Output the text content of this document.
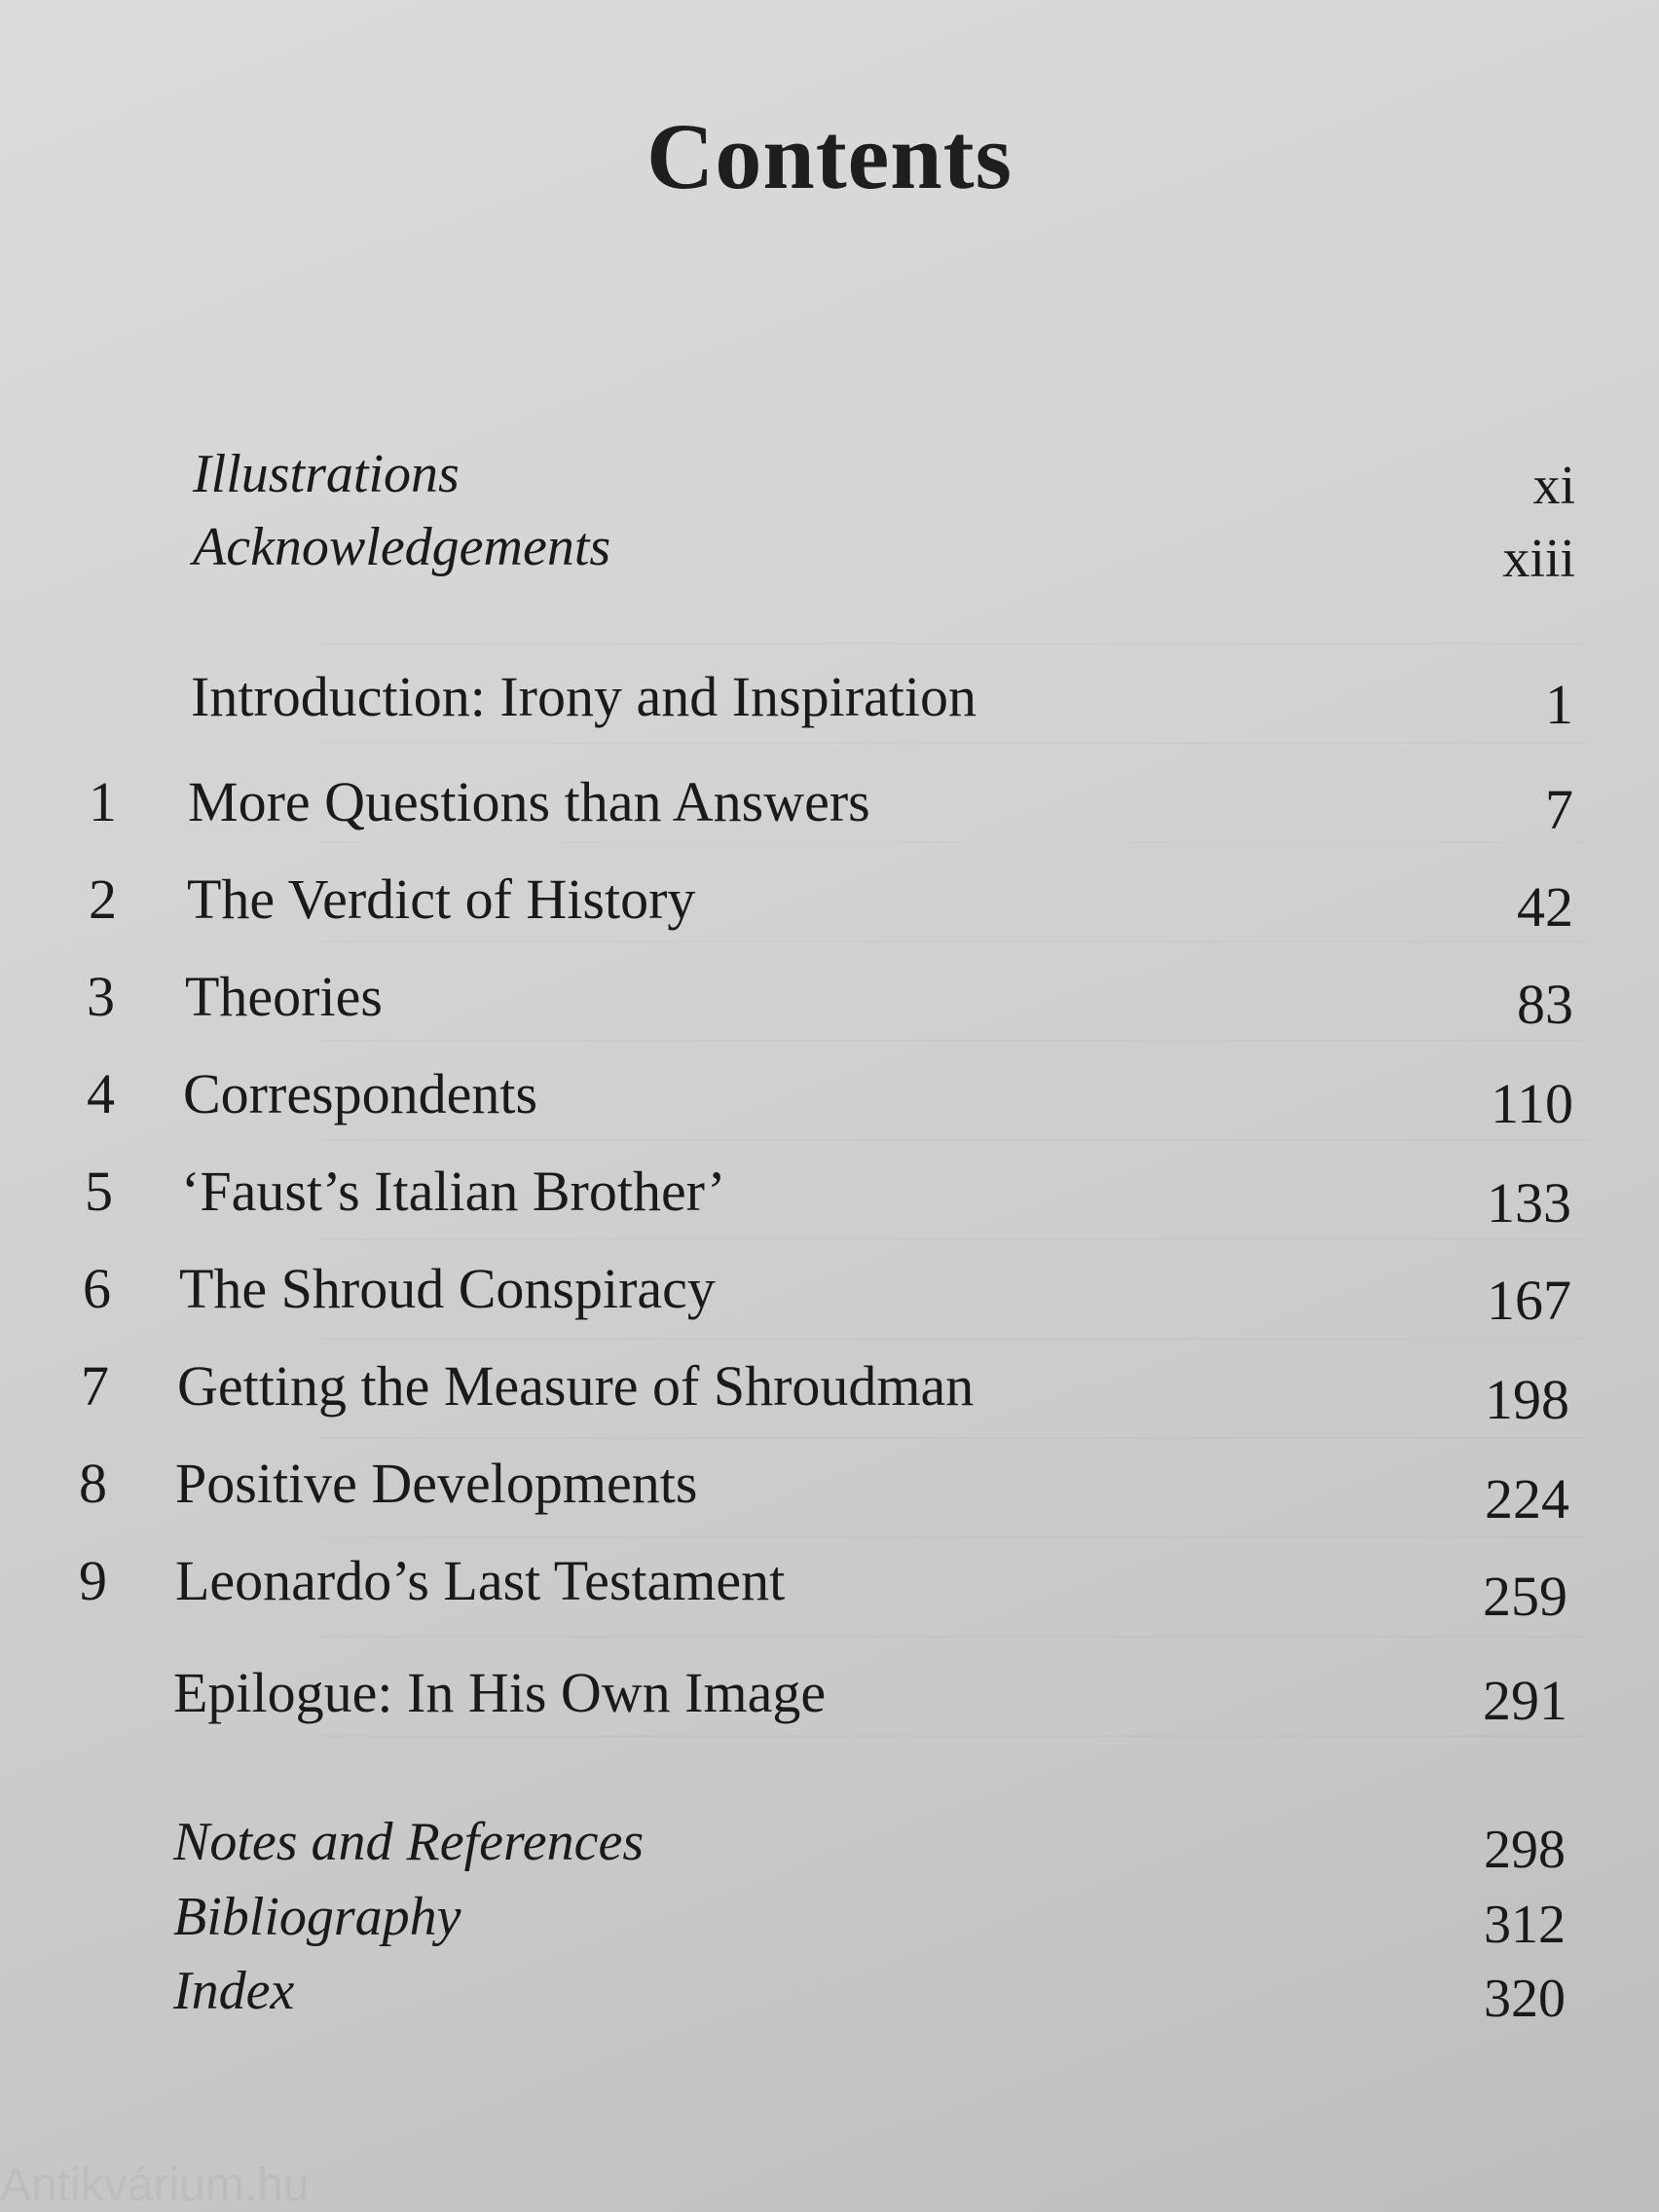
Contents
Illustrations	xi
Acknowledgements	xiii
Introduction: Irony and Inspiration	1
1 More Questions than Answers	7
2 The Verdict of History	42
3 Theories	83
4 Correspondents	110
5 ‘Faust’s Italian Brother’	133
6 The Shroud Conspiracy	167
7 Getting the Measure of Shroudman	198
8 Positive Developments	224
9 Leonardo’s Last Testament	259
Epilogue: In His Own Image	291
Notes and References	298
Bibliography	312
Index	320
Antikvárium.hu
